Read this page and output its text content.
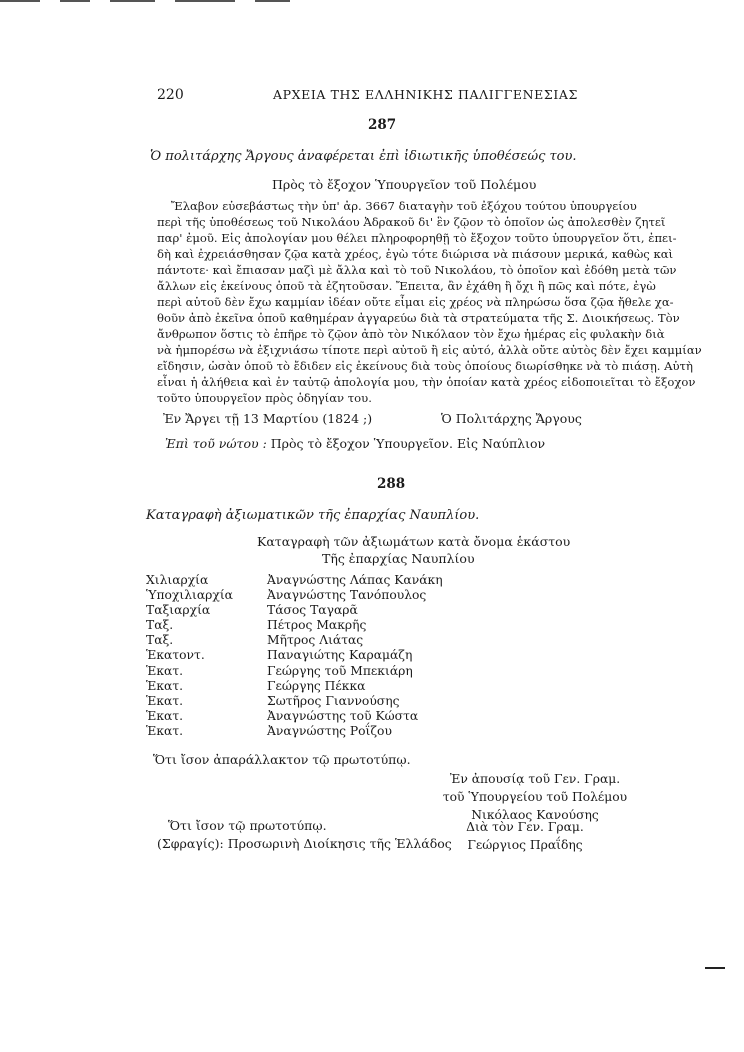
220	ΑΡΧΕΙΑ ΤΗΣ ΕΛΛΗΝΙΚΗΣ ΠΑΛΙΓΓΕΝΕΣΙΑΣ
287
Ὁ πολιτάρχης Ἄργους ἀναφέρεται ἐπὶ ἰδιωτικῆς ὑποθέσεώς του.
Πρὸς τὸ ἔξοχον Ὑπουργεῖον τοῦ Πολέμου
Ἔλαβον εὐσεβάστως τὴν ὑπ' ἀρ. 3667 διαταγὴν τοῦ ἐξόχου τούτου ὑπουργείου
περὶ τῆς ὑποθέσεως τοῦ Νικολάου Ἀδρακοῦ δι' ἓν ζῷον τὸ ὁποῖον ὡς ἀπολεσθὲν ζητεῖ
παρ' ἐμοῦ. Εἰς ἀπολογίαν μου θέλει πληροφορηθῇ τὸ ἔξοχον τοῦτο ὑπουργεῖον ὅτι, ἐπει-
δὴ καὶ ἐχρειάσθησαν ζῷα κατὰ χρέος, ἐγὼ τότε διώρισα νὰ πιάσουν μερικά, καθὼς καὶ
πάντοτε· καὶ ἔπιασαν μαζὶ μὲ ἄλλα καὶ τὸ τοῦ Νικολάου, τὸ ὁποῖον καὶ ἐδόθη μετὰ τῶν
ἄλλων εἰς ἐκείνους ὁποῦ τὰ ἐζητοῦσαν. Ἔπειτα, ἂν ἐχάθη ἢ ὄχι ἢ πῶς καὶ πότε, ἐγὼ
περὶ αὐτοῦ δὲν ἔχω καμμίαν ἰδέαν οὔτε εἶμαι εἰς χρέος νὰ πληρώσω ὅσα ζῷα ἤθελε χα-
θοῦν ἀπὸ ἐκεῖνα ὁποῦ καθημέραν ἀγγαρεύω διὰ τὰ στρατεύματα τῆς Σ. Διοικήσεως. Τὸν
ἄνθρωπον ὅστις τὸ ἐπῆρε τὸ ζῷον ἀπὸ τὸν Νικόλαον τὸν ἔχω ἡμέρας εἰς φυλακὴν διὰ
νὰ ἠμπορέσω νὰ ἐξιχνιάσω τίποτε περὶ αὐτοῦ ἢ εἰς αὐτό, ἀλλὰ οὔτε αὐτὸς δὲν ἔχει καμμίαν
εἴδησιν, ὡσὰν ὁποῦ τὸ ἔδιδεν εἰς ἐκείνους διὰ τοὺς ὁποίους διωρίσθηκε νὰ τὸ πιάσῃ. Αὐτὴ
εἶναι ἡ ἀλήθεια καὶ ἐν ταὐτῷ ἀπολογία μου, τὴν ὁποίαν κατὰ χρέος εἰδοποιεῖται τὸ ἔξοχον
τοῦτο ὑπουργεῖον πρὸς ὁδηγίαν του.
Ἐν Ἄργει τῇ 13 Μαρτίου (1824 ;)	Ὁ Πολιτάρχης Ἄργους
Ἐπὶ τοῦ νώτου : Πρὸς τὸ ἔξοχον Ὑπουργεῖον. Εἰς Ναύπλιον
288
Καταγραφὴ ἀξιωματικῶν τῆς ἐπαρχίας Ναυπλίου.
Καταγραφὴ τῶν ἀξιωμάτων κατὰ ὄνομα ἑκάστου
Τῆς ἐπαρχίας Ναυπλίου
Χιλιαρχία	Ἀναγνώστης Λάπας Κανάκη
Ὑποχιλιαρχία	Ἀναγνώστης Τανόπουλος
Ταξιαρχία	Τάσος Ταγαρᾶ
Ταξ.	Πέτρος Μακρῆς
Ταξ.	Μῆτρος Λιάτας
Ἑκατοντ.	Παναγιώτης Καραμάζη
Ἑκατ.	Γεώργης τοῦ Μπεκιάρη
Ἑκατ.	Γεώργης Πέκκα
Ἑκατ.	Σωτῆρος Γιαννούσης
Ἑκατ.	Ἀναγνώστης τοῦ Κώστα
Ἑκατ.	Ἀναγνώστης Ροΐζου
Ὅτι ἴσον ἀπαράλλακτον τῷ πρωτοτύπῳ.
Ἐν ἀπουσίᾳ τοῦ Γεν. Γραμ.
τοῦ Ὑπουργείου τοῦ Πολέμου
Νικόλαος Κανούσης
Ὅτι ἴσον τῷ πρωτοτύπῳ.
(Σφραγίς): Προσωρινὴ Διοίκησις τῆς Ἑλλάδος
Διὰ τὸν Γεν. Γραμ.
Γεώργιος Πραΐδης
